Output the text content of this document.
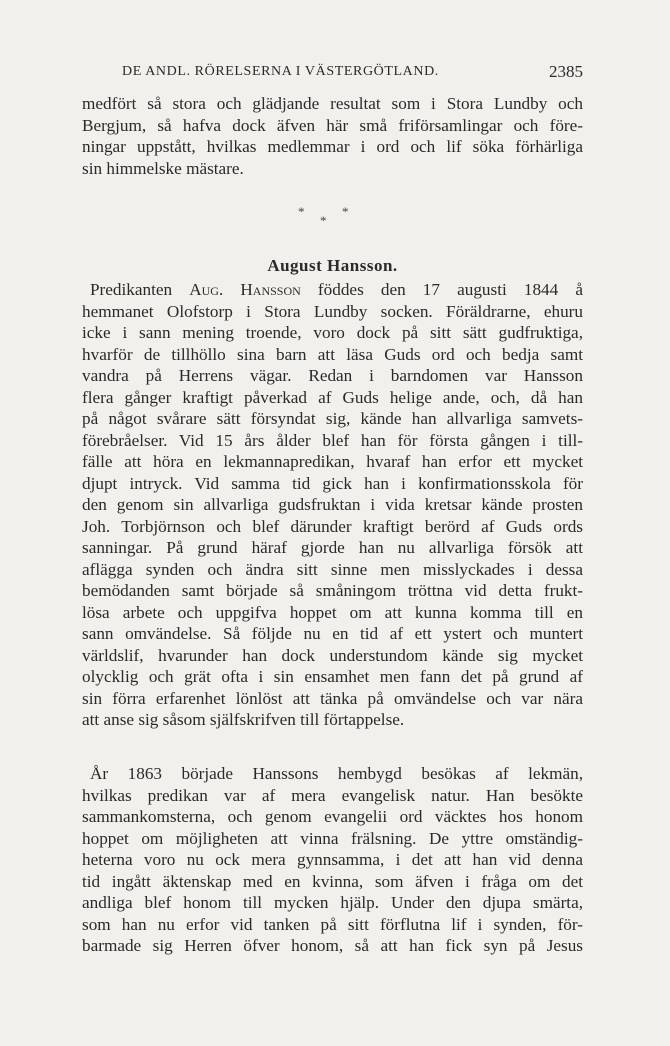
DE ANDL. RÖRELSERNA I VÄSTERGÖTLAND.	2385
medfört så stora och glädjande resultat som i Stora Lundby och
Bergjum, så hafva dock äfven här små friförsamlingar och före-
ningar uppstått, hvilkas medlemmar i ord och lif söka förhärliga
sin himmelske mästare.
*	*
*
August Hansson.
Predikanten Aug. Hansson föddes den 17 augusti 1844 å
hemmanet Olofstorp i Stora Lundby socken. Föräldrarne, ehuru
icke i sann mening troende, voro dock på sitt sätt gudfruktiga,
hvarför de tillhöllo sina barn att läsa Guds ord och bedja samt
vandra på Herrens vägar. Redan i barndomen var Hansson
flera gånger kraftigt påverkad af Guds helige ande, och, då han
på något svårare sätt försyndat sig, kände han allvarliga samvets-
förebråelser. Vid 15 års ålder blef han för första gången i till-
fälle att höra en lekmannapredikan, hvaraf han erfor ett mycket
djupt intryck. Vid samma tid gick han i konfirmationsskola för
den genom sin allvarliga gudsfruktan i vida kretsar kände prosten
Joh. Torbjörnson och blef därunder kraftigt berörd af Guds ords
sanningar. På grund häraf gjorde han nu allvarliga försök att
aflägga synden och ändra sitt sinne men misslyckades i dessa
bemödanden samt började så småningom tröttna vid detta frukt-
lösa arbete och uppgifva hoppet om att kunna komma till en
sann omvändelse. Så följde nu en tid af ett ystert och muntert
världslif, hvarunder han dock understundom kände sig mycket
olycklig och grät ofta i sin ensamhet men fann det på grund af
sin förra erfarenhet lönlöst att tänka på omvändelse och var nära
att anse sig såsom själfskrifven till förtappelse.
År 1863 började Hanssons hembygd besökas af lekmän,
hvilkas predikan var af mera evangelisk natur. Han besökte
sammankomsterna, och genom evangelii ord väcktes hos honom
hoppet om möjligheten att vinna frälsning. De yttre omständig-
heterna voro nu ock mera gynnsamma, i det att han vid denna
tid ingått äktenskap med en kvinna, som äfven i fråga om det
andliga blef honom till mycken hjälp. Under den djupa smärta,
som han nu erfor vid tanken på sitt förflutna lif i synden, för-
barmade sig Herren öfver honom, så att han fick syn på Jesus
